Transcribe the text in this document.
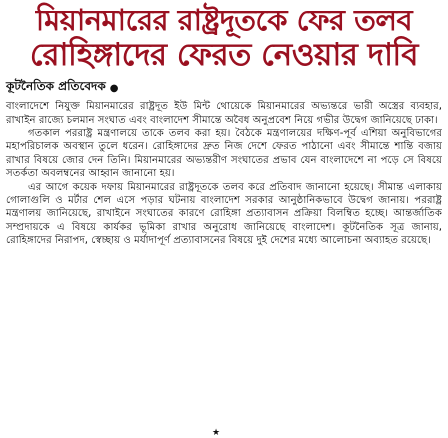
মিয়ানমারের রাষ্ট্রদূতকে ফের তলব
রোহিঙ্গাদের ফেরত নেওয়ার দাবি
কূটনৈতিক প্রতিবেদক ●

বাংলাদেশে নিযুক্ত মিয়ানমারের রাষ্ট্রদূত ইউ মিন্ট থোয়েকে মিয়ানমারের অভ্যন্তরে ভারী অস্ত্রের ব্যবহার, রাখাইন রাজ্যে চলমান সংঘাত এবং বাংলাদেশ সীমান্তে অবৈধ অনুপ্রবেশ নিয়ে গভীর উদ্বেগ জানিয়েছে ঢাকা।

গতকাল পররাষ্ট্র মন্ত্রণালয়ে তাকে তলব করা হয়। বৈঠকে মন্ত্রণালয়ের দক্ষিণ-পূর্ব এশিয়া অনুবিভাগের মহাপরিচালক অবস্থান তুলে ধরেন। রোহিঙ্গাদের দ্রুত নিজ দেশে ফেরত পাঠানো এবং সীমান্তে শান্তি বজায় রাখার বিষয়ে জোর দেন তিনি। মিয়ানমারের অভ্যন্তরীণ সংঘাতের প্রভাব যেন বাংলাদেশে না পড়ে সে বিষয়ে সতর্কতা অবলম্বনের আহ্বান জানানো হয়।

এর আগে কয়েক দফায় মিয়ানমারের রাষ্ট্রদূতকে তলব করে প্রতিবাদ জানানো হয়েছে। সীমান্ত এলাকায় গোলাগুলি ও মর্টার শেল এসে পড়ার ঘটনায় বাংলাদেশ সরকার আনুষ্ঠানিকভাবে উদ্বেগ জানায়। পররাষ্ট্র মন্ত্রণালয় জানিয়েছে, রাখাইনে সংঘাতের কারণে রোহিঙ্গা প্রত্যাবাসন প্রক্রিয়া বিলম্বিত হচ্ছে। আন্তর্জাতিক সম্প্রদায়কে এ বিষয়ে কার্যকর ভূমিকা রাখার অনুরোধ জানিয়েছে বাংলাদেশ। কূটনৈতিক সূত্র জানায়, রোহিঙ্গাদের নিরাপদ, স্বেচ্ছায় ও মর্যাদাপূর্ণ প্রত্যাবাসনের বিষয়ে দুই দেশের মধ্যে আলোচনা অব্যাহত রয়েছে।

★
